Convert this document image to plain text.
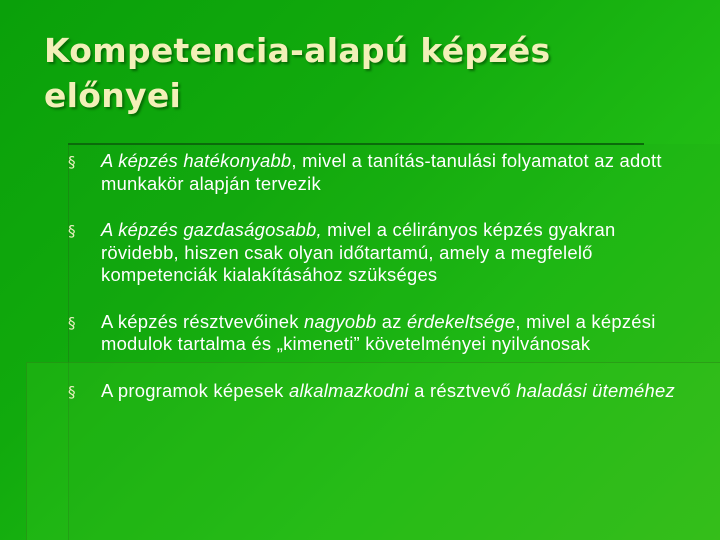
Kompetencia-alapú képzés előnyei
§ A képzés hatékonyabb, mivel a tanítás-tanulási folyamatot az adott munkakör alapján tervezik
§ A képzés gazdaságosabb, mivel a célirányos képzés gyakran rövidebb, hiszen csak olyan időtartamú, amely a megfelelő kompetenciák kialakításához szükséges
§ A képzés résztvevőinek nagyobb az érdekeltsége, mivel a képzési modulok tartalma és „kimeneti” követelményei nyilvánosak
§ A programok képesek alkalmazkodni a résztvevő haladási üteméhez
